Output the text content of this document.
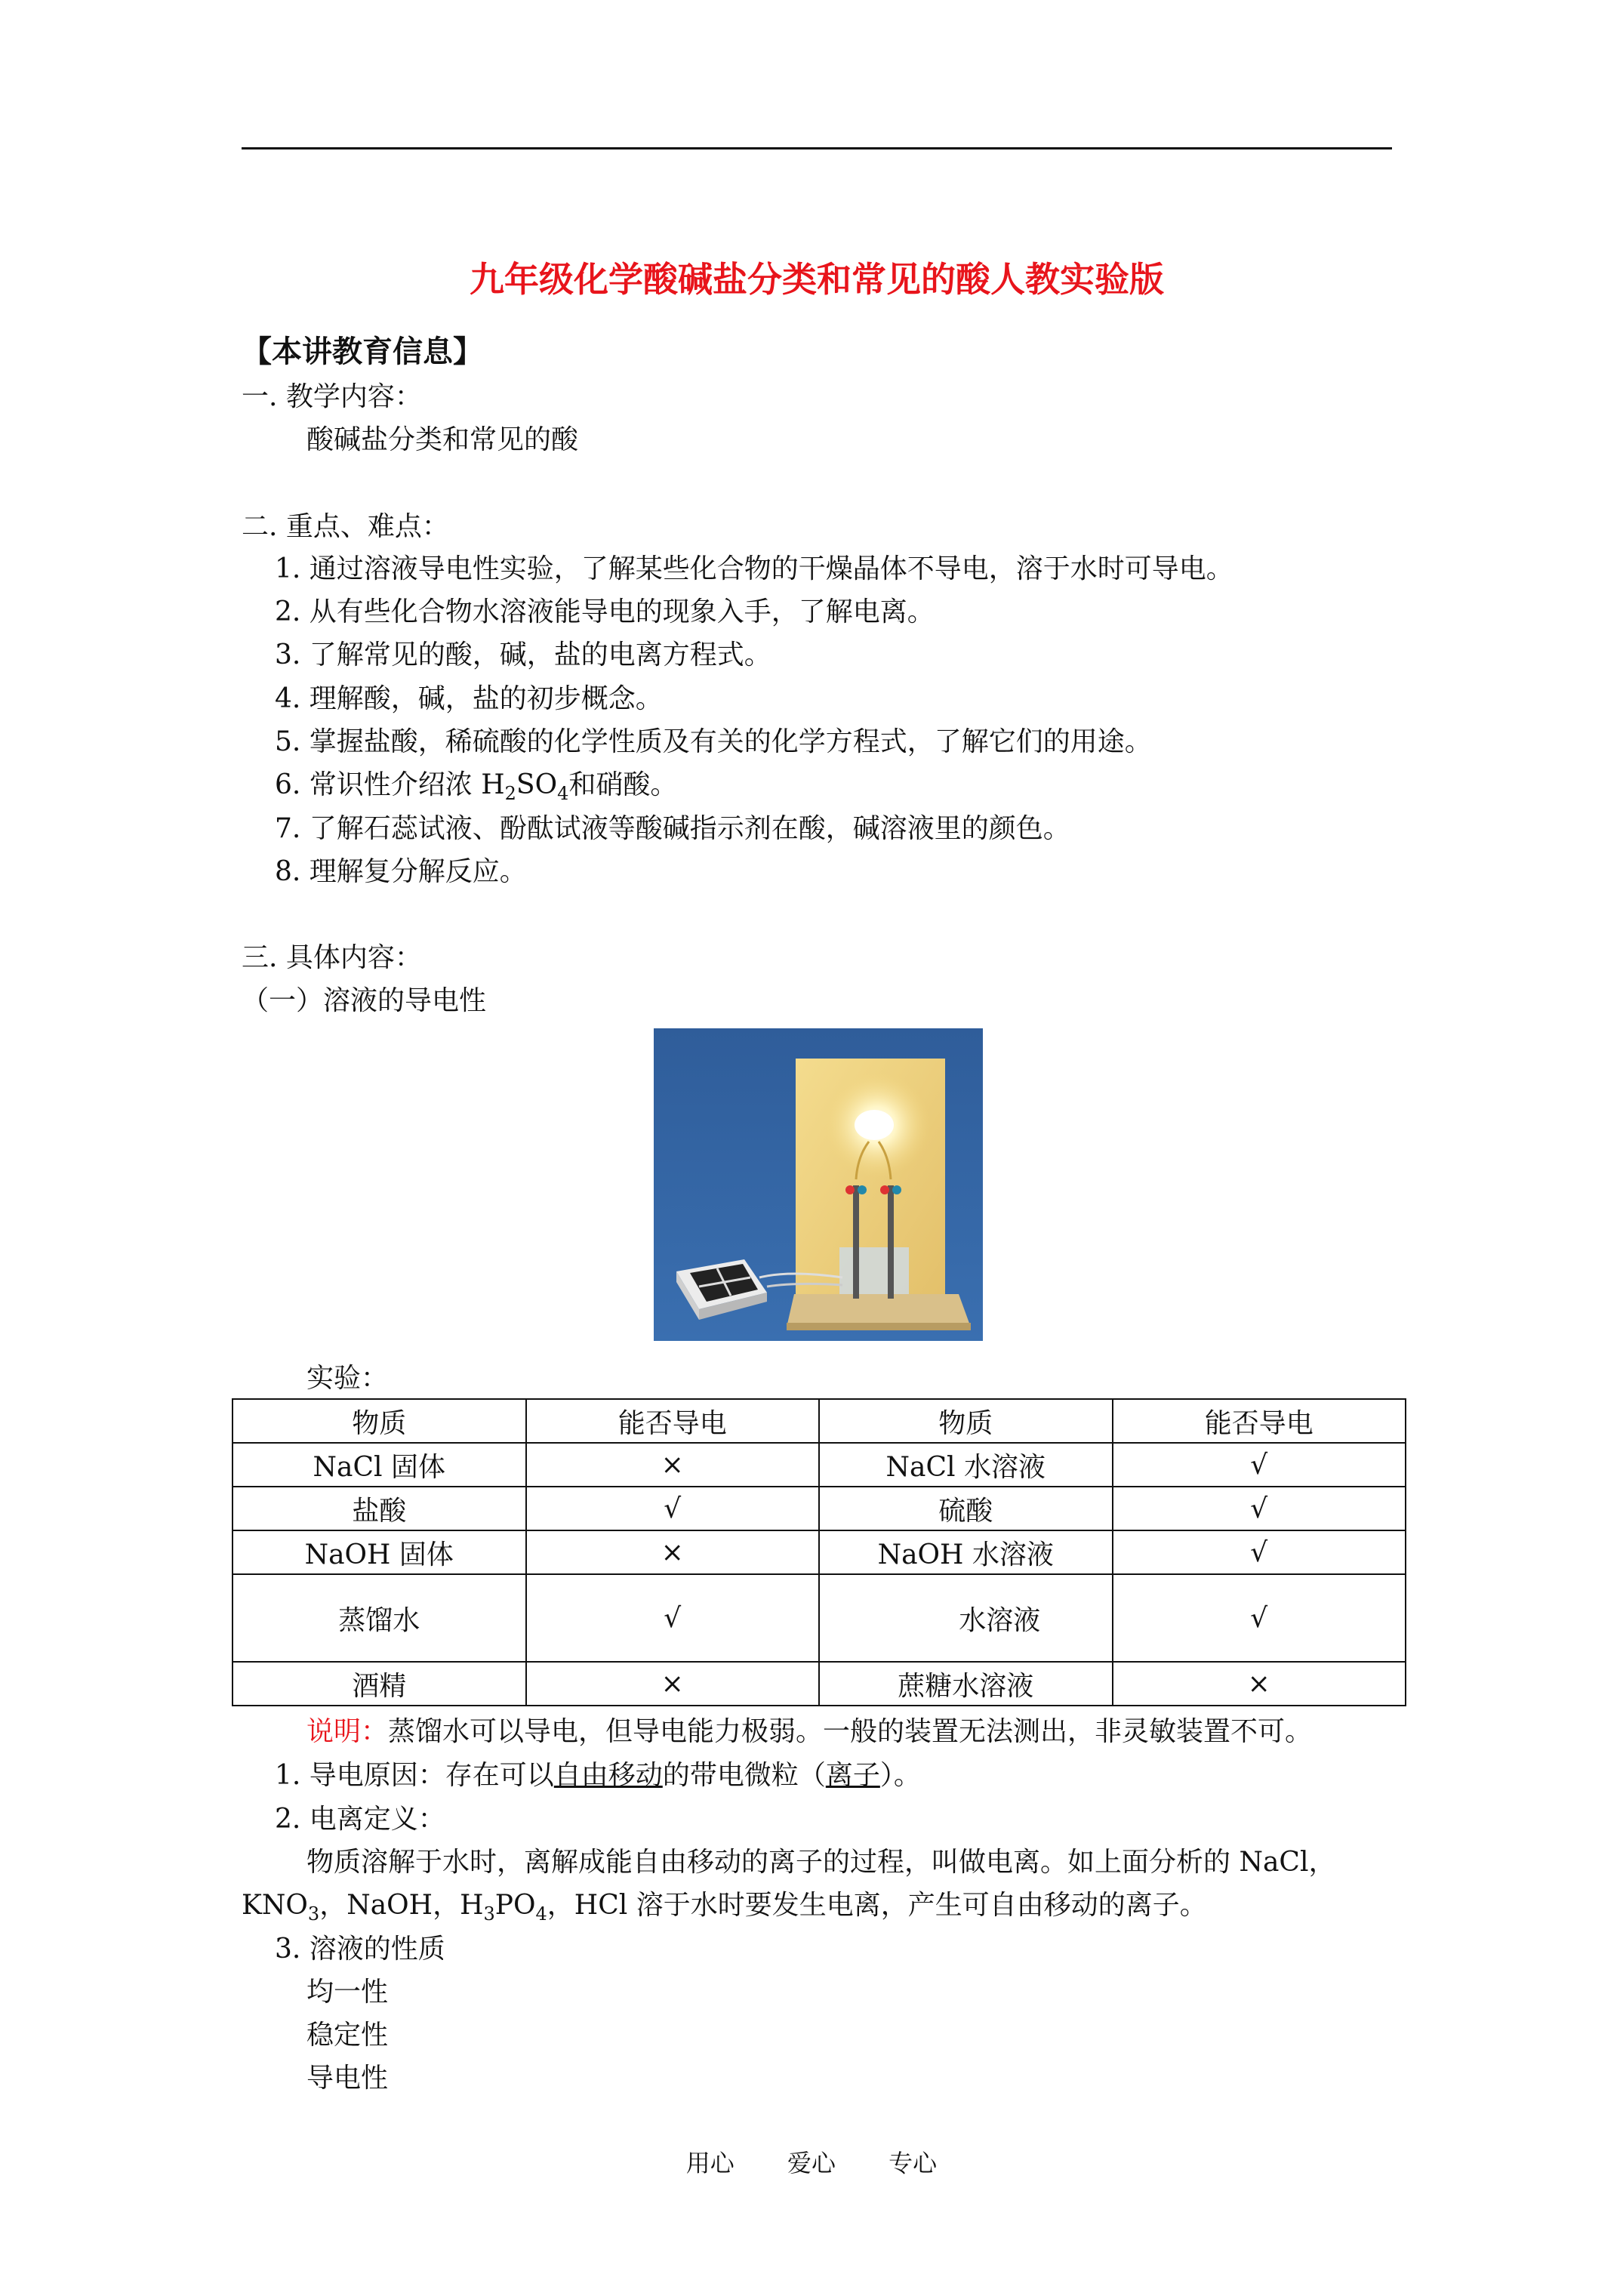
九年级化学酸碱盐分类和常见的酸人教实验版
【本讲教育信息】
一. 教学内容：
酸碱盐分类和常见的酸
二. 重点、难点：
1. 通过溶液导电性实验，了解某些化合物的干燥晶体不导电，溶于水时可导电。
2. 从有些化合物水溶液能导电的现象入手，了解电离。
3. 了解常见的酸，碱，盐的电离方程式。
4. 理解酸，碱，盐的初步概念。
5. 掌握盐酸，稀硫酸的化学性质及有关的化学方程式，了解它们的用途。
6. 常识性介绍浓 $H_2SO_4$和硝酸。
7. 了解石蕊试液、酚酞试液等酸碱指示剂在酸，碱溶液里的颜色。
8. 理解复分解反应。
三. 具体内容：
（一）溶液的导电性
实验：
物质	能否导电	物质	能否导电
NaCl 固体	×	NaCl 水溶液	√
盐酸	√	硫酸	√
NaOH 固体	×	NaOH 水溶液	√
蒸馏水	√	水溶液	√
酒精	×	蔗糖水溶液	×
说明：蒸馏水可以导电，但导电能力极弱。一般的装置无法测出，非灵敏装置不可。
1. 导电原因：存在可以自由移动的带电微粒（离子）。
2. 电离定义：
物质溶解于水时，离解成能自由移动的离子的过程，叫做电离。如上面分析的 NaCl，
$KNO_3$，NaOH，$H_3PO_4$，HCl 溶于水时要发生电离，产生可自由移动的离子。
3. 溶液的性质
均一性
稳定性
导电性
用心 爱心 专心
